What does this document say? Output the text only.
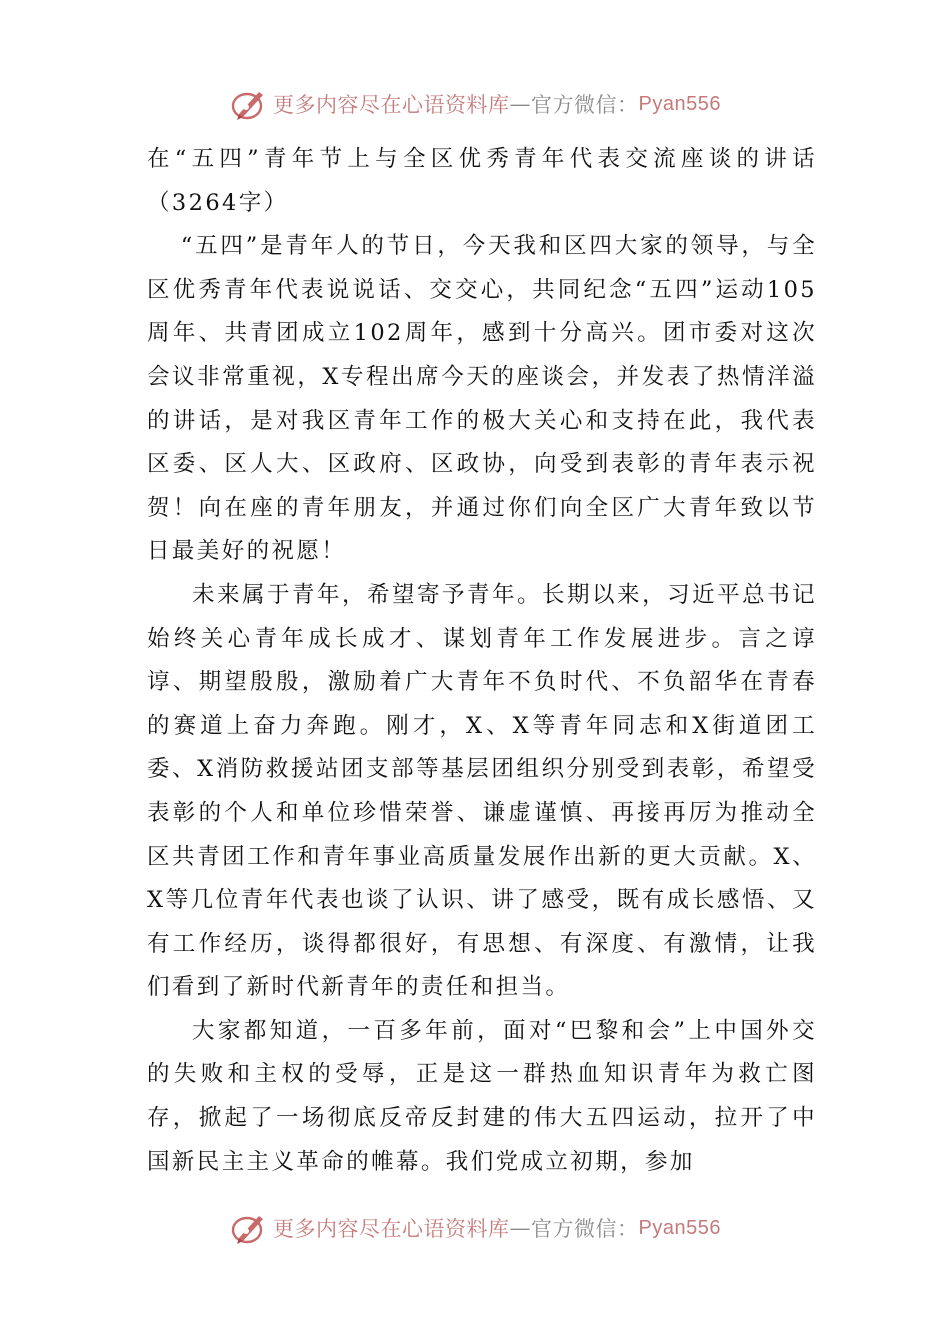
更多内容尽在心语资料库 — 官方微信： Pyan556

在“五四”青年节上与全区优秀青年代表交流座谈的讲话（3264字）

“五四”是青年人的节日，今天我和区四大家的领导，与全区优秀青年代表说说话、交交心，共同纪念“五四”运动105周年、共青团成立102周年，感到十分高兴。团市委对这次会议非常重视，X专程出席今天的座谈会，并发表了热情洋溢的讲话，是对我区青年工作的极大关心和支持在此，我代表区委、区人大、区政府、区政协，向受到表彰的青年表示祝贺！向在座的青年朋友，并通过你们向全区广大青年致以节日最美好的祝愿！

未来属于青年，希望寄予青年。长期以来，习近平总书记始终关心青年成长成才、谋划青年工作发展进步。言之谆谆、期望殷殷，激励着广大青年不负时代、不负韶华在青春的赛道上奋力奔跑。刚才，X、X等青年同志和X街道团工委、X消防救援站团支部等基层团组织分别受到表彰，希望受表彰的个人和单位珍惜荣誉、谦虚谨慎、再接再厉为推动全区共青团工作和青年事业高质量发展作出新的更大贡献。X、X等几位青年代表也谈了认识、讲了感受，既有成长感悟、又有工作经历，谈得都很好，有思想、有深度、有激情，让我们看到了新时代新青年的责任和担当。

大家都知道，一百多年前，面对“巴黎和会”上中国外交的失败和主权的受辱，正是这一群热血知识青年为救亡图存，掀起了一场彻底反帝反封建的伟大五四运动，拉开了中国新民主主义革命的帷幕。我们党成立初期，参加

更多内容尽在心语资料库 — 官方微信： Pyan556
